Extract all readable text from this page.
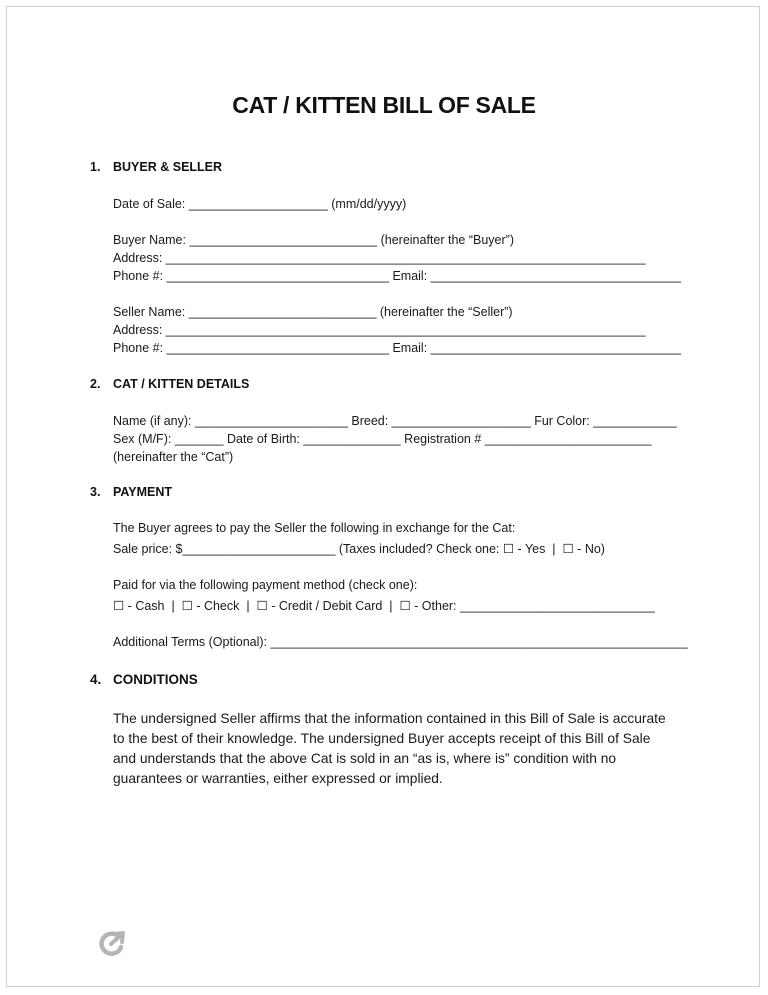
CAT / KITTEN BILL OF SALE
1. BUYER & SELLER
Date of Sale: ____________________ (mm/dd/yyyy)
Buyer Name: ___________________________ (hereinafter the “Buyer”)
Address: _____________________________________________________________________
Phone #: ________________________________ Email: ____________________________________
Seller Name: ___________________________ (hereinafter the “Seller”)
Address: _____________________________________________________________________
Phone #: ________________________________ Email: ____________________________________
2. CAT / KITTEN DETAILS
Name (if any): ______________________ Breed: ____________________ Fur Color: ____________
Sex (M/F): _______ Date of Birth: ______________ Registration # ________________________
(hereinafter the “Cat”)
3. PAYMENT
The Buyer agrees to pay the Seller the following in exchange for the Cat:
Sale price: $______________________ (Taxes included? Check one: ☐ - Yes  |  ☐ - No)
Paid for via the following payment method (check one):
☐ - Cash  |  ☐ - Check  |  ☐ - Credit / Debit Card  |  ☐ - Other: ____________________________
Additional Terms (Optional): ____________________________________________________________
4. CONDITIONS
The undersigned Seller affirms that the information contained in this Bill of Sale is accurate to the best of their knowledge. The undersigned Buyer accepts receipt of this Bill of Sale and understands that the above Cat is sold in an “as is, where is” condition with no guarantees or warranties, either expressed or implied.
